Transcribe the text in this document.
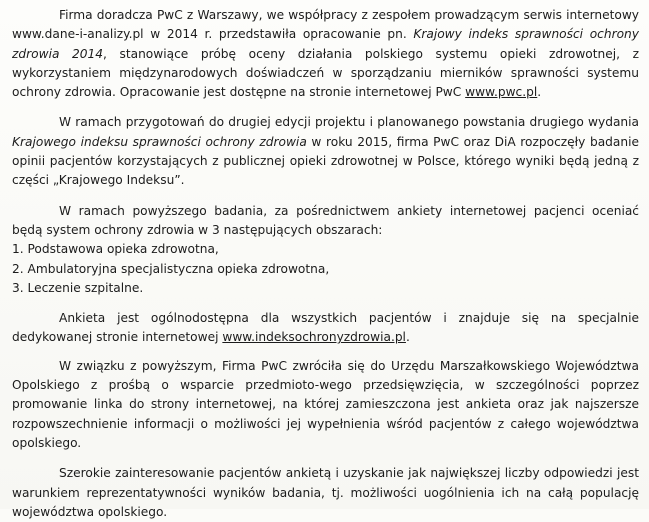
Firma doradcza PwC z Warszawy, we współpracy z zespołem prowadzącym serwis internetowy www.dane-i-analizy.pl w 2014 r. przedstawiła opracowanie pn. Krajowy indeks sprawności ochrony zdrowia 2014, stanowiące próbę oceny działania polskiego systemu opieki zdrowotnej, z wykorzystaniem międzynarodowych doświadczeń w sporządzaniu mierników sprawności systemu ochrony zdrowia. Opracowanie jest dostępne na stronie internetowej PwC www.pwc.pl.

W ramach przygotowań do drugiej edycji projektu i planowanego powstania drugiego wydania Krajowego indeksu sprawności ochrony zdrowia w roku 2015, firma PwC oraz DiA rozpoczęły badanie opinii pacjentów korzystających z publicznej opieki zdrowotnej w Polsce, którego wyniki będą jedną z części „Krajowego Indeksu”.

W ramach powyższego badania, za pośrednictwem ankiety internetowej pacjenci oceniać będą system ochrony zdrowia w 3 następujących obszarach:

1. Podstawowa opieka zdrowotna,
2. Ambulatoryjna specjalistyczna opieka zdrowotna,
3. Leczenie szpitalne.

Ankieta jest ogólnodostępna dla wszystkich pacjentów i znajduje się na specjalnie dedykowanej stronie internetowej www.indeksochronyzdrowia.pl.

W związku z powyższym, Firma PwC zwróciła się do Urzędu Marszałkowskiego Województwa Opolskiego z prośbą o wsparcie przedmioto-wego przedsięwzięcia, w szczególności poprzez promowanie linka do strony internetowej, na której zamieszczona jest ankieta oraz jak najszersze rozpowszechnienie informacji o możliwości jej wypełnienia wśród pacjentów z całego województwa opolskiego.

Szerokie zainteresowanie pacjentów ankietą i uzyskanie jak największej liczby odpowiedzi jest warunkiem reprezentatywności wyników badania, tj. możliwości uogólnienia ich na całą populację województwa opolskiego.
